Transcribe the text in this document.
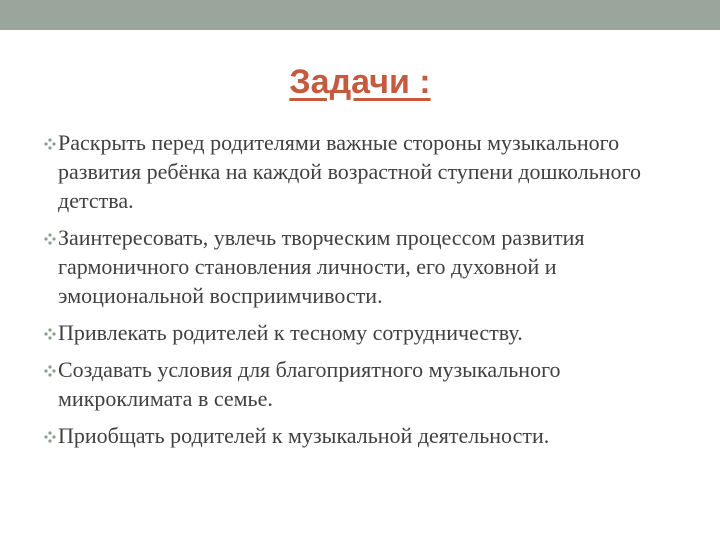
Задачи :
Раскрыть перед родителями важные стороны музыкального развития ребёнка на каждой возрастной ступени дошкольного детства.
Заинтересовать, увлечь творческим процессом развития гармоничного становления личности, его духовной и эмоциональной восприимчивости.
Привлекать родителей к тесному сотрудничеству.
Создавать условия для благоприятного музыкального микроклимата в семье.
Приобщать родителей к музыкальной деятельности.
